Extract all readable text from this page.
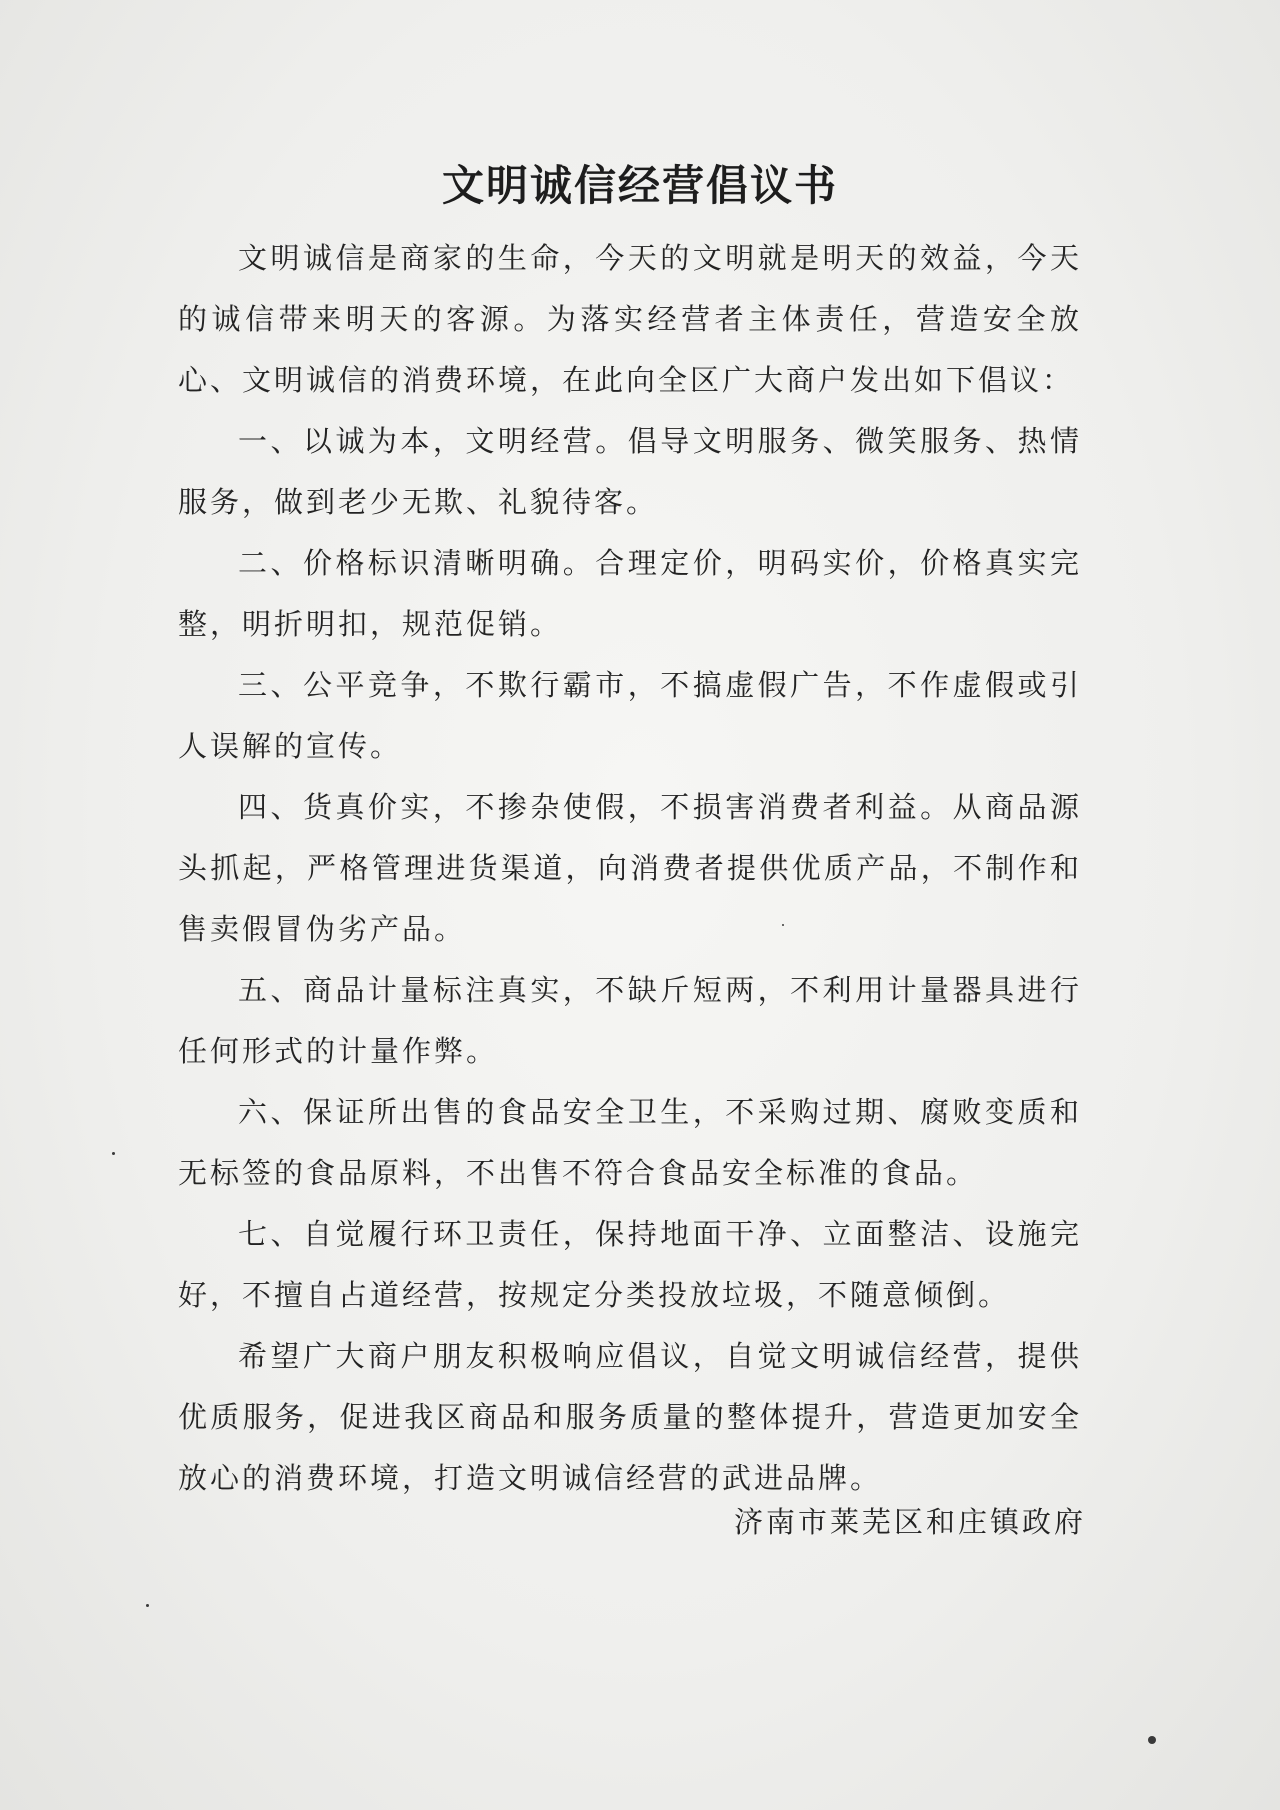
文明诚信经营倡议书

文明诚信是商家的生命，今天的文明就是明天的效益，今天的诚信带来明天的客源。为落实经营者主体责任，营造安全放心、文明诚信的消费环境，在此向全区广大商户发出如下倡议：

一、以诚为本，文明经营。倡导文明服务、微笑服务、热情服务，做到老少无欺、礼貌待客。

二、价格标识清晰明确。合理定价，明码实价，价格真实完整，明折明扣，规范促销。

三、公平竞争，不欺行霸市，不搞虚假广告，不作虚假或引人误解的宣传。

四、货真价实，不掺杂使假，不损害消费者利益。从商品源头抓起，严格管理进货渠道，向消费者提供优质产品，不制作和售卖假冒伪劣产品。

五、商品计量标注真实，不缺斤短两，不利用计量器具进行任何形式的计量作弊。

六、保证所出售的食品安全卫生，不采购过期、腐败变质和无标签的食品原料，不出售不符合食品安全标准的食品。

七、自觉履行环卫责任，保持地面干净、立面整洁、设施完好，不擅自占道经营，按规定分类投放垃圾，不随意倾倒。

希望广大商户朋友积极响应倡议，自觉文明诚信经营，提供优质服务，促进我区商品和服务质量的整体提升，营造更加安全放心的消费环境，打造文明诚信经营的武进品牌。

济南市莱芜区和庄镇政府
